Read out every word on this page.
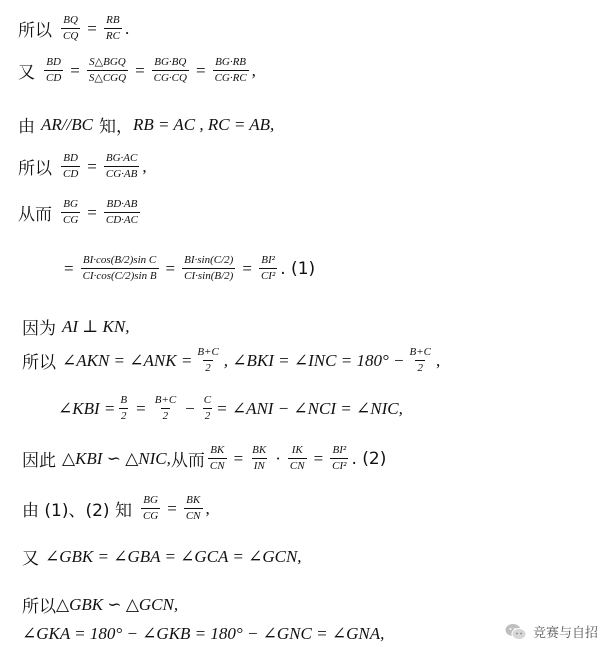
所以 $\frac{BQ}{CQ} = \frac{RB}{RC}$ .
又 $\frac{BD}{CD} = \frac{\text{S△BGQ}}{\text{S△CGQ}} = \frac{BG\cdot BQ}{CG\cdot CQ} = \frac{BG\cdot RB}{CG\cdot RC}$ ,
由 AR//BC 知， RB = AC , RC = AB,
所以 $\frac{BD}{CD} = \frac{BG\cdot AC}{CG\cdot AB}$ ,
从而 $\frac{BG}{CG} = \frac{BD\cdot AB}{CD\cdot AC}$
= $\frac{\text{BI·cos(B/2)sin C}}{\text{CI·cos(C/2)sin B}} = \frac{BI\cdot\sin(C/2)}{CI\cdot\sin(B/2)} = \frac{\text{BI²}}{\text{CI²}}$ . (1)
因为 AI ⊥ KN,
所以 ∠AKN = ∠ANK = $\frac{B+C}{2}$ , ∠BKI = ∠INC = $180^\circ - \frac{B+C}{2}$ ,
∠KBI = $\frac{B}{2} = \frac{B+C}{2} - \frac{C}{2}$ = ∠ANI − ∠NCI = ∠NIC,
因此 △KBI ∽ △NIC, 从而 $\frac{BK}{CN} = \frac{BK}{IN} \cdot \frac{IK}{CN} = \frac{\text{BI²}}{\text{CI²}}$ . (2)
由 (1)、(2) 知 $\frac{BG}{CG} = \frac{BK}{CN}$ ,
又 ∠GBK = ∠GBA = ∠GCA = ∠GCN,
所以 △GBK ∽ △GCN,
∠GKA = 180° − ∠GKB = 180° − ∠GNC = ∠GNA,	竞赛与自招
